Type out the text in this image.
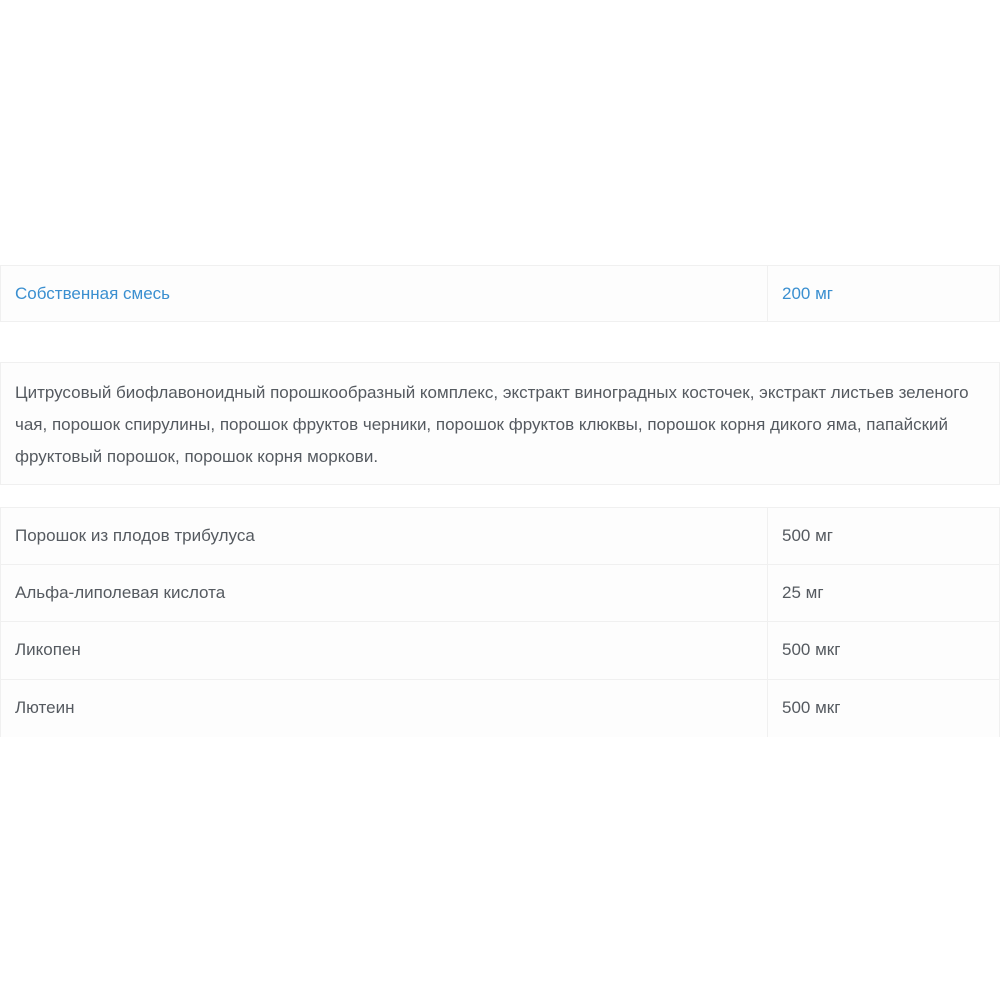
Собственная смесь	200 мг
Цитрусовый биофлавоноидный порошкообразный комплекс, экстракт виноградных косточек, экстракт листьев зеленого чая, порошок спирулины, порошок фруктов черники, порошок фруктов клюквы, порошок корня дикого яма, папайский фруктовый порошок, порошок корня моркови.
Порошок из плодов трибулуса	500 мг
Альфа-липолевая кислота	25 мг
Ликопен	500 мкг
Лютеин	500 мкг
